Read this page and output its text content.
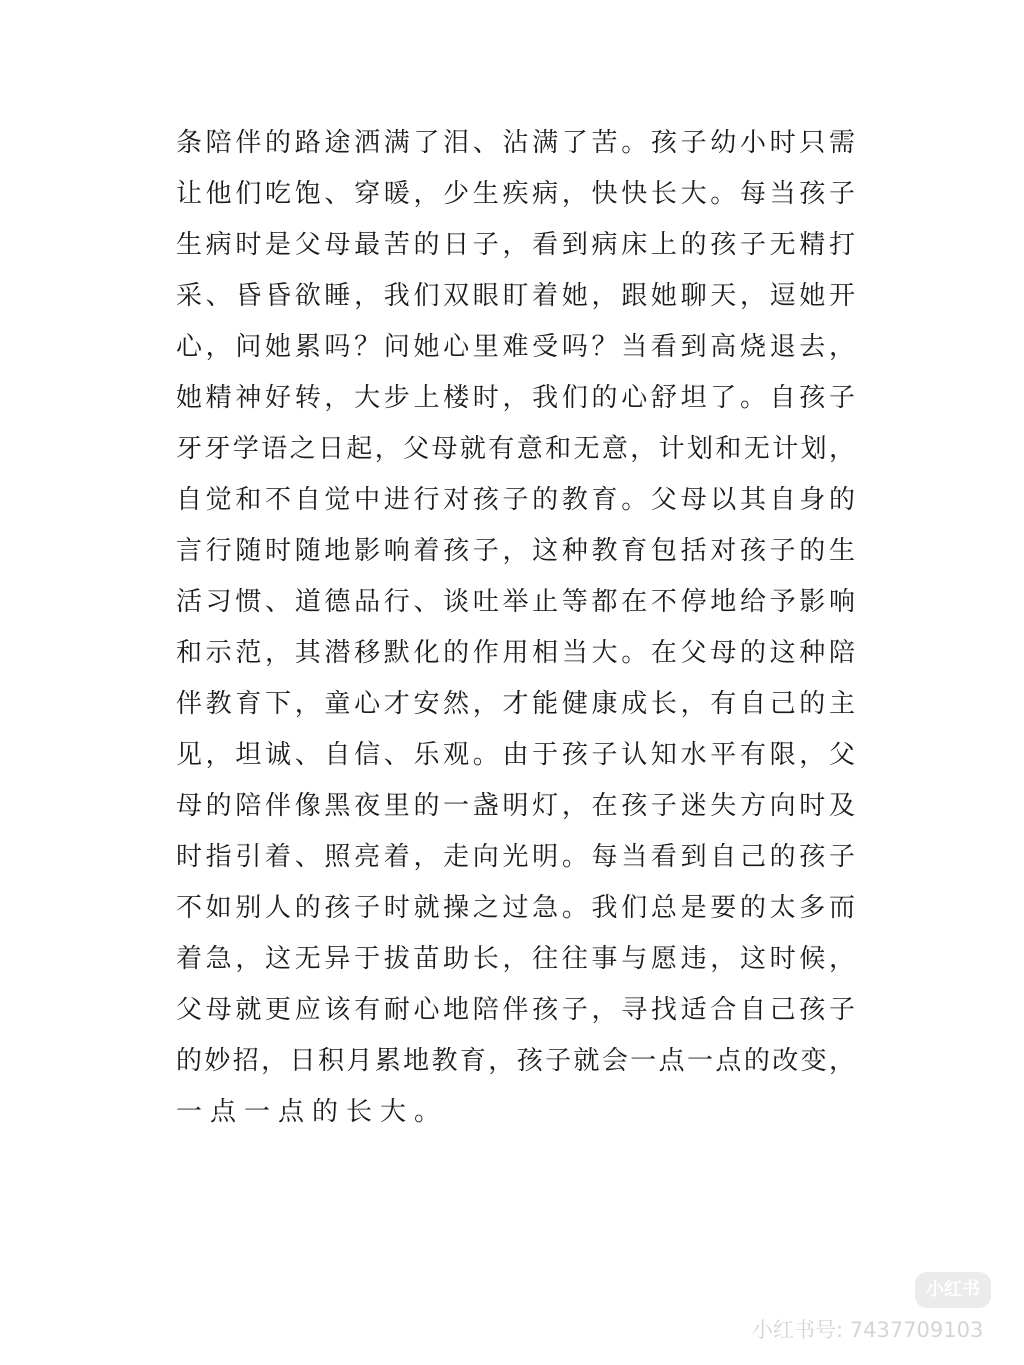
条陪伴的路途洒满了泪、沾满了苦。孩子幼小时只需
让他们吃饱、穿暖，少生疾病，快快长大。每当孩子
生病时是父母最苦的日子，看到病床上的孩子无精打
采、昏昏欲睡，我们双眼盯着她，跟她聊天，逗她开
心，问她累吗？问她心里难受吗？当看到高烧退去，
她精神好转，大步上楼时，我们的心舒坦了。自孩子
牙牙学语之日起，父母就有意和无意，计划和无计划，
自觉和不自觉中进行对孩子的教育。父母以其自身的
言行随时随地影响着孩子，这种教育包括对孩子的生
活习惯、道德品行、谈吐举止等都在不停地给予影响
和示范，其潜移默化的作用相当大。在父母的这种陪
伴教育下，童心才安然，才能健康成长，有自己的主
见，坦诚、自信、乐观。由于孩子认知水平有限，父
母的陪伴像黑夜里的一盏明灯，在孩子迷失方向时及
时指引着、照亮着，走向光明。每当看到自己的孩子
不如别人的孩子时就操之过急。我们总是要的太多而
着急，这无异于拔苗助长，往往事与愿违，这时候，
父母就更应该有耐心地陪伴孩子，寻找适合自己孩子
的妙招，日积月累地教育，孩子就会一点一点的改变，
一点一点的长大。
小红书
小红书号: 7437709103
